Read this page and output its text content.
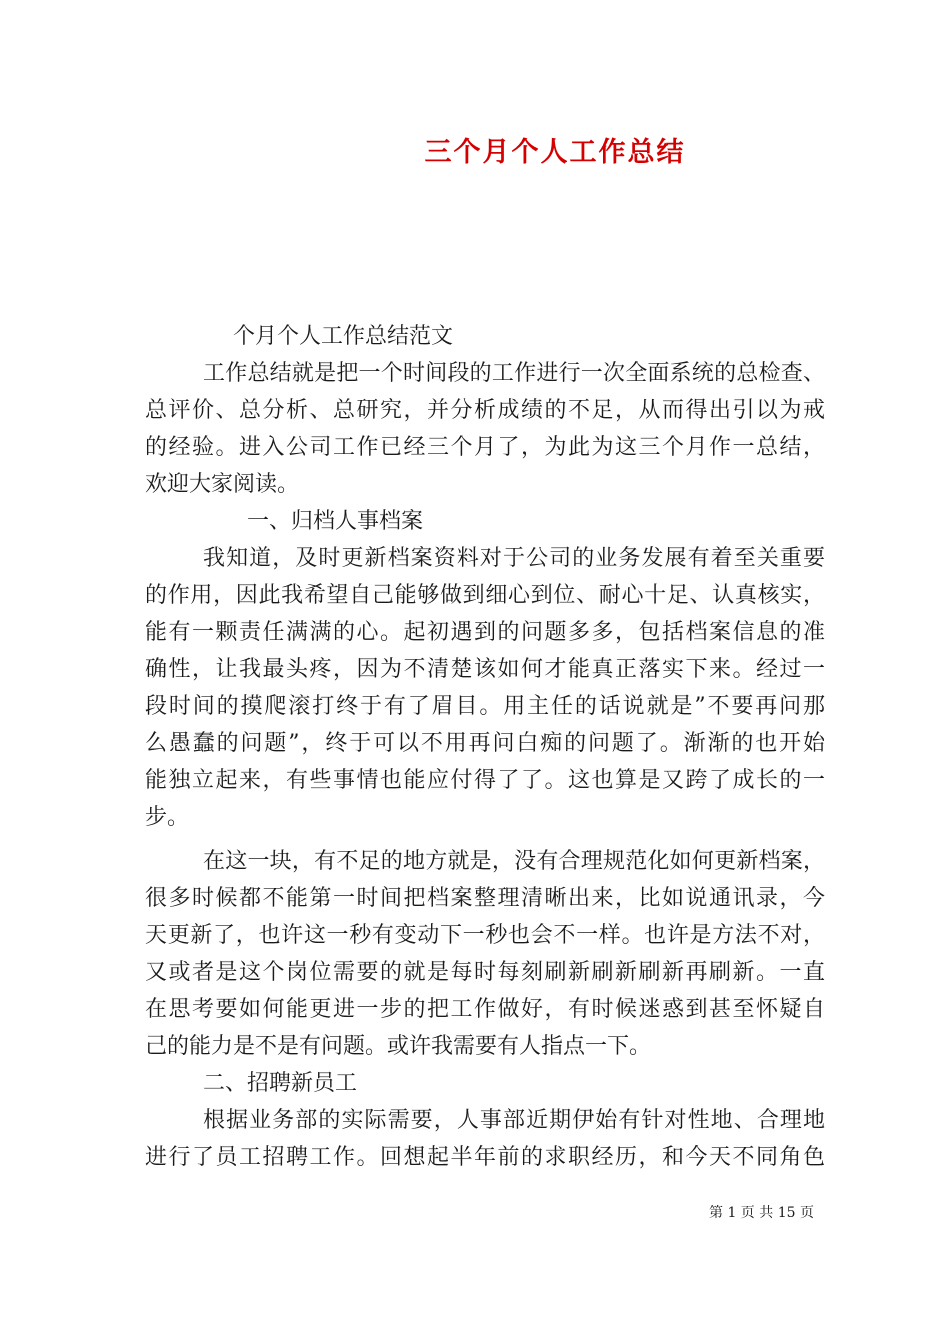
三个月个人工作总结
个月个人工作总结范文
工作总结就是把一个时间段的工作进行一次全面系统的总检查、
总评价、总分析、总研究，并分析成绩的不足，从而得出引以为戒
的经验。进入公司工作已经三个月了，为此为这三个月作一总结，
欢迎大家阅读。
一、归档人事档案
我知道，及时更新档案资料对于公司的业务发展有着至关重要
的作用，因此我希望自己能够做到细心到位、耐心十足、认真核实，
能有一颗责任满满的心。起初遇到的问题多多，包括档案信息的准
确性，让我最头疼，因为不清楚该如何才能真正落实下来。经过一
段时间的摸爬滚打终于有了眉目。用主任的话说就是”不要再问那
么愚蠢的问题”，终于可以不用再问白痴的问题了。渐渐的也开始
能独立起来，有些事情也能应付得了了。这也算是又跨了成长的一
步。
在这一块，有不足的地方就是，没有合理规范化如何更新档案，
很多时候都不能第一时间把档案整理清晰出来，比如说通讯录，今
天更新了，也许这一秒有变动下一秒也会不一样。也许是方法不对，
又或者是这个岗位需要的就是每时每刻刷新刷新刷新再刷新。一直
在思考要如何能更进一步的把工作做好，有时候迷惑到甚至怀疑自
己的能力是不是有问题。或许我需要有人指点一下。
二、招聘新员工
根据业务部的实际需要，人事部近期伊始有针对性地、合理地
进行了员工招聘工作。回想起半年前的求职经历，和今天不同角色
第 1 页 共 15 页
